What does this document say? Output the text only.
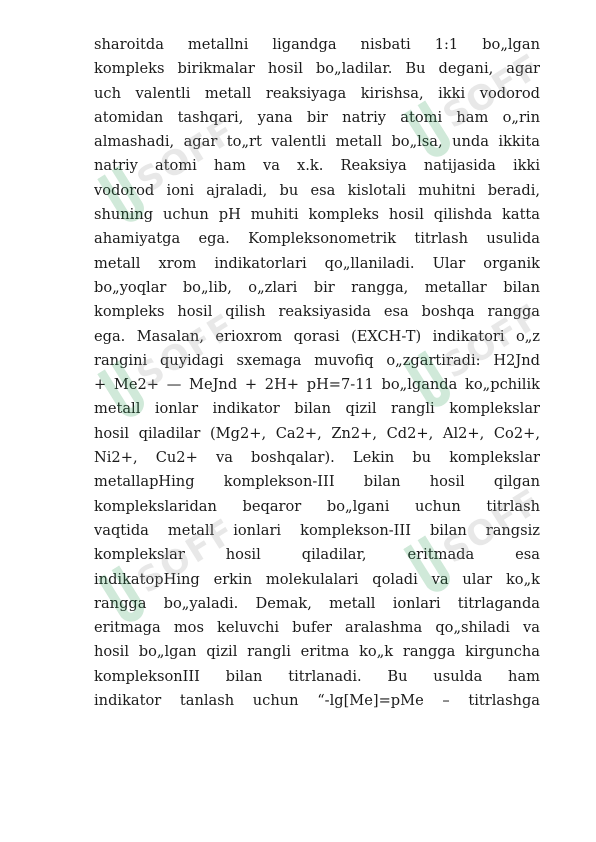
sharoitda metallni ligandga nisbati 1:1 bo„lgan
kompleks birikmalar hosil bo„ladilar. Bu degani, agar
uch valentli metall reaksiyaga kirishsa, ikki vodorod
atomidan tashqari, yana bir natriy atomi ham o„rin
almashadi, agar to„rt valentli metall bo„lsa, unda ikkita
natriy atomi ham va x.k. Reaksiya natijasida ikki
vodorod ioni ajraladi, bu esa kislotali muhitni beradi,
shuning uchun pH muhiti kompleks hosil qilishda katta
ahamiyatga ega. Kompleksonometrik titrlash usulida
metall xrom indikatorlari qo„llaniladi. Ular organik
bo„yoqlar bo„lib, o„zlari bir rangga, metallar bilan
kompleks hosil qilish reaksiyasida esa boshqa rangga
ega. Masalan, erioxrom qorasi (EXCH-T) indikatori o„z
rangini quyidagi sxemaga muvofiq o„zgartiradi: H2Jnd
+ Me2+ — MeJnd + 2H+ pH=7-11 bo„lganda ko„pchilik
metall ionlar indikator bilan qizil rangli komplekslar
hosil qiladilar (Mg2+, Ca2+, Zn2+, Cd2+, Al2+, Co2+,
Ni2+, Cu2+ va boshqalar). Lekin bu komplekslar
metallapHing komplekson-III bilan hosil qilgan
komplekslaridan beqaror bo„lgani uchun titrlash
vaqtida metall ionlari komplekson-III bilan rangsiz
komplekslar hosil qiladilar, eritmada esa
indikatopHing erkin molekulalari qoladi va ular ko„k
rangga bo„yaladi. Demak, metall ionlari titrlaganda
eritmaga mos keluvchi bufer aralashma qo„shiladi va
hosil bo„lgan qizil rangli eritma ko„k rangga kirguncha
kompleksonIII bilan titrlanadi. Bu usulda ham
indikator tanlash uchun “-lg[Me]=pMe – titrlashga
SOFF
SOFF
SOFF	SOFF
SOFF	SOFF
